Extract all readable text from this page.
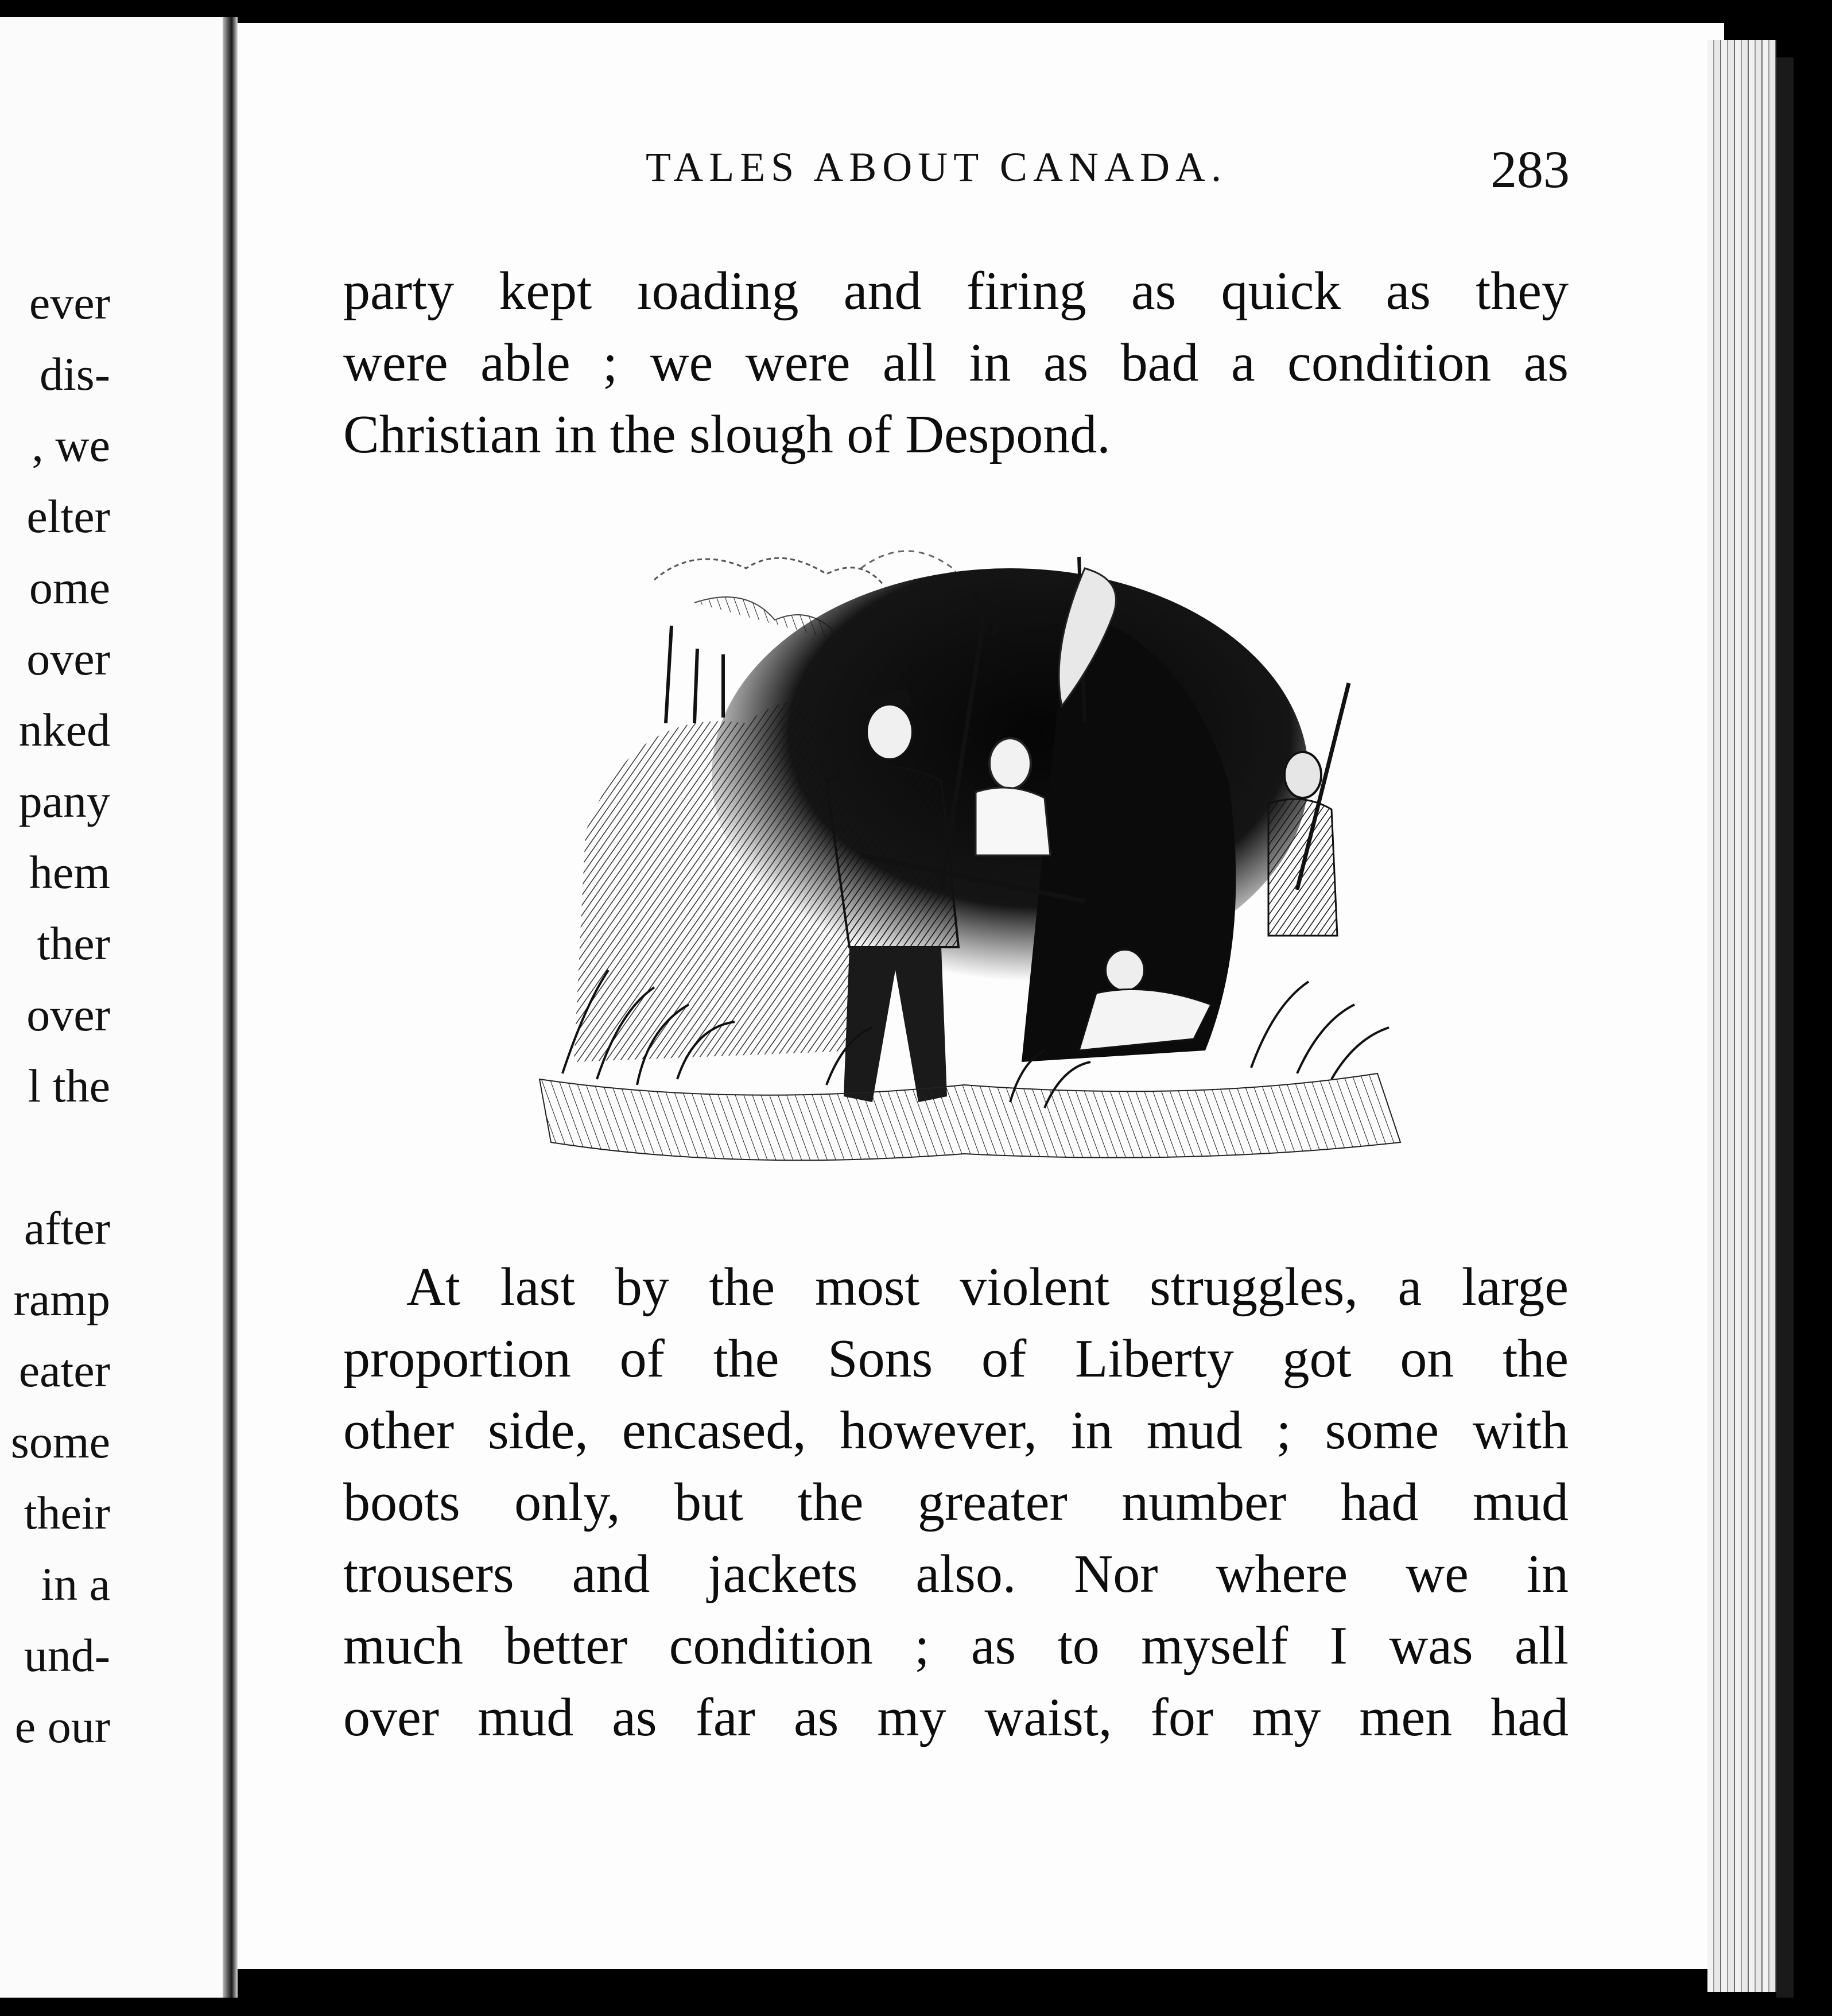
ever
dis-
, we
elter
ome
over
nked
pany
hem
ther
over
l the
after
ramp
eater
some
their
in a
und-
e our
TALES ABOUT CANADA.	283
party kept ıoading and firing as quick as they
were able ; we were all in as bad a condition as
Christian in the slough of Despond.
At last by the most violent struggles, a large
proportion of the Sons of Liberty got on the
other side, encased, however, in mud ; some with
boots only, but the greater number had mud
trousers and jackets also. Nor where we in
much better condition ; as to myself I was all
over mud as far as my waist, for my men had
